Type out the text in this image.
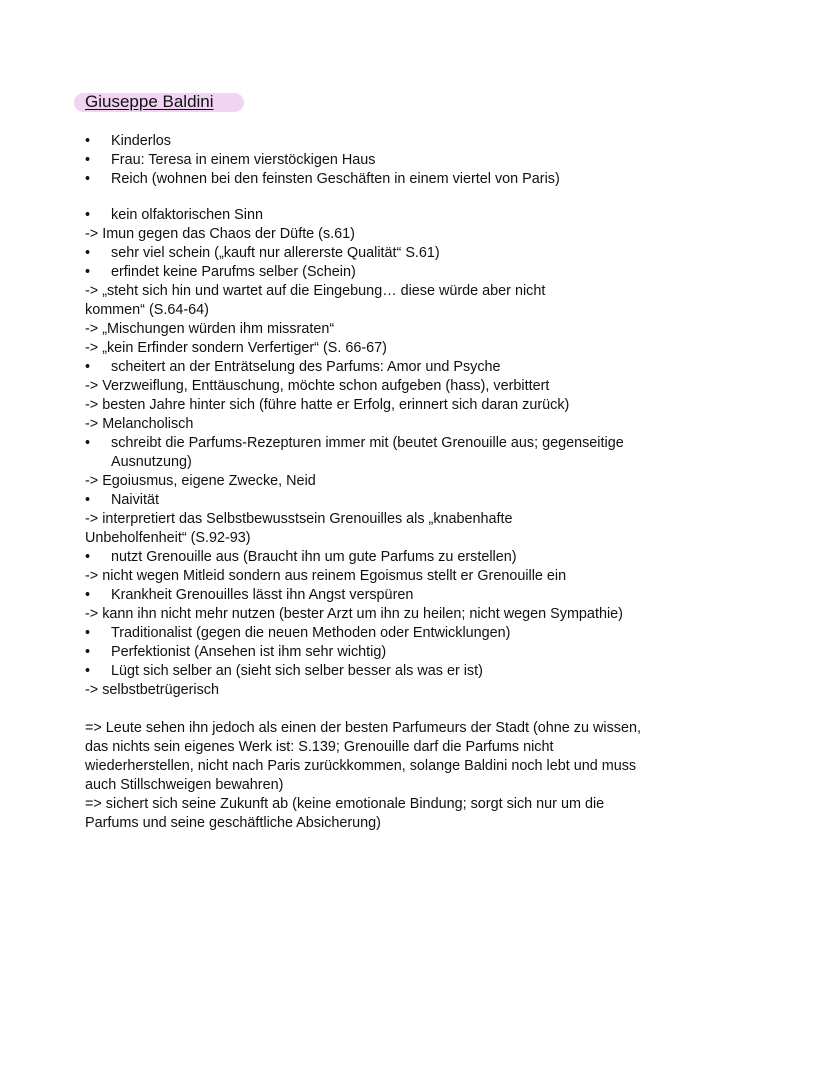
Giuseppe Baldini
•	Kinderlos
•	Frau: Teresa in einem vierstöckigen Haus
•	Reich (wohnen bei den feinsten Geschäften in einem viertel von Paris)
•	kein olfaktorischen Sinn
-> Imun gegen das Chaos der Düfte (s.61)
•	sehr viel schein („kauft nur allererste Qualität“ S.61)
•	erfindet keine Parufms selber (Schein)
-> „steht sich hin und wartet auf die Eingebung… diese würde aber nicht
kommen“ (S.64-64)
-> „Mischungen würden ihm missraten“
-> „kein Erfinder sondern Verfertiger“ (S. 66-67)
•	scheitert an der Enträtselung des Parfums: Amor und Psyche
-> Verzweiflung, Enttäuschung, möchte schon aufgeben (hass), verbittert
-> besten Jahre hinter sich (führe hatte er Erfolg, erinnert sich daran zurück)
-> Melancholisch
•	schreibt die Parfums-Rezepturen immer mit (beutet Grenouille aus; gegenseitige
Ausnutzung)
-> Egoiusmus, eigene Zwecke, Neid
•	Naivität
-> interpretiert das Selbstbewusstsein Grenouilles als „knabenhafte
Unbeholfenheit“ (S.92-93)
•	nutzt Grenouille aus (Braucht ihn um gute Parfums zu erstellen)
-> nicht wegen Mitleid sondern aus reinem Egoismus stellt er Grenouille ein
•	Krankheit Grenouilles lässt ihn Angst verspüren
-> kann ihn nicht mehr nutzen (bester Arzt um ihn zu heilen; nicht wegen Sympathie)
•	Traditionalist (gegen die neuen Methoden oder Entwicklungen)
•	Perfektionist (Ansehen ist ihm sehr wichtig)
•	Lügt sich selber an (sieht sich selber besser als was er ist)
-> selbstbetrügerisch
=> Leute sehen ihn jedoch als einen der besten Parfumeurs der Stadt (ohne zu wissen,
das nichts sein eigenes Werk ist: S.139; Grenouille darf die Parfums nicht
wiederherstellen, nicht nach Paris zurückkommen, solange Baldini noch lebt und muss
auch Stillschweigen bewahren)
=> sichert sich seine Zukunft ab (keine emotionale Bindung; sorgt sich nur um die
Parfums und seine geschäftliche Absicherung)
